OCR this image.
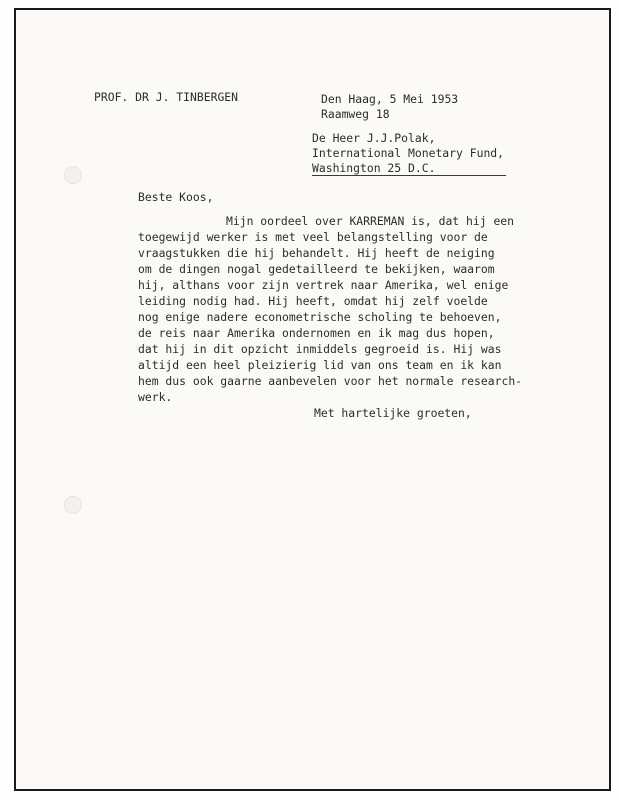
PROF. DR J. TINBERGEN	Den Haag, 5 Mei 1953

Raamweg 18

De Heer J.J.Polak,

International Monetary Fund,

Washington 25 D.C.

Beste Koos,

Mijn oordeel over KARREMAN is, dat hij een

toegewijd werker is met veel belangstelling voor de

vraagstukken die hij behandelt. Hij heeft de neiging

om de dingen nogal gedetailleerd te bekijken, waarom

hij, althans voor zijn vertrek naar Amerika, wel enige

leiding nodig had. Hij heeft, omdat hij zelf voelde

nog enige nadere econometrische scholing te behoeven,

de reis naar Amerika ondernomen en ik mag dus hopen,

dat hij in dit opzicht inmiddels gegroeid is. Hij was

altijd een heel pleizierig lid van ons team en ik kan

hem dus ook gaarne aanbevelen voor het normale research-

werk.

Met hartelijke groeten,
